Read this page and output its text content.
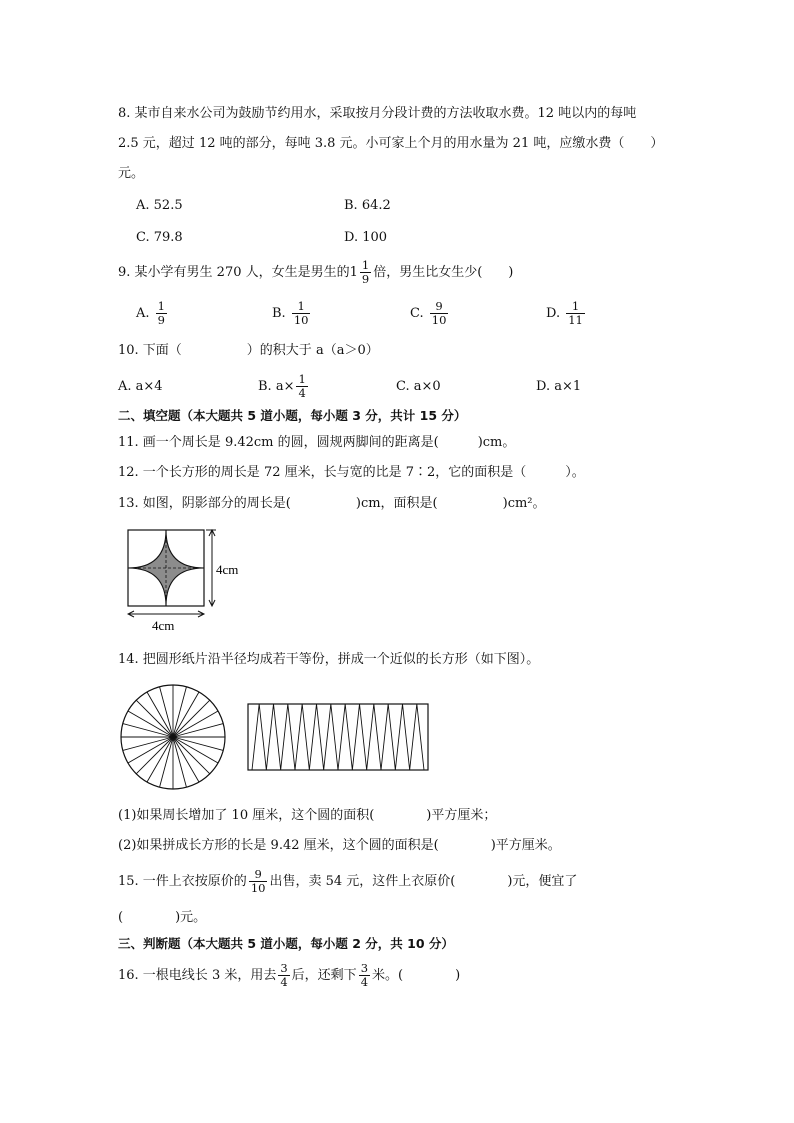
8. 某市自来水公司为鼓励节约用水，采取按月分段计费的方法收取水费。12 吨以内的每吨
2.5 元，超过 12 吨的部分，每吨 3.8 元。小可家上个月的用水量为 21 吨，应缴水费（　　）
元。
A. 52.5	B. 64.2
C. 79.8	D. 100
9. 某小学有男生 270 人，女生是男生的$1 \frac{1}{9}$ 倍，男生比女生少(　　)
A. $\frac{1}{9}$	B. $\frac{1}{10}$	C. $\frac{9}{10}$	D. $\frac{1}{11}$
10. 下面（　　　　　）的积大于 a（a＞0）
A. a×4	B. $a\times \frac{1}{4}$	C. a×0	D. a×1
二、填空题（本大题共 5 道小题，每小题 3 分，共计 15 分）
11. 画一个周长是 9.42cm 的圆，圆规两脚间的距离是(　　　)cm。
12. 一个长方形的周长是 72 厘米，长与宽的比是 7∶2，它的面积是（　　　）。
13. 如图，阴影部分的周长是(　　　　　)cm，面积是(　　　　　)cm²。
4cm
4cm
14. 把圆形纸片沿半径均成若干等份，拼成一个近似的长方形（如下图）。
(1)如果周长增加了 10 厘米，这个圆的面积(　　　　)平方厘米；
(2)如果拼成长方形的长是 9.42 厘米，这个圆的面积是(　　　　)平方厘米。
15. 一件上衣按原价的 $\frac{9}{10}$ 出售，卖 54 元，这件上衣原价(　　　　)元，便宜了
(　　　　)元。
三、判断题（本大题共 5 道小题，每小题 2 分，共 10 分）
16. 一根电线长 3 米，用去 $\frac{3}{4}$ 后，还剩下 $\frac{3}{4}$ 米。(　　　　)
